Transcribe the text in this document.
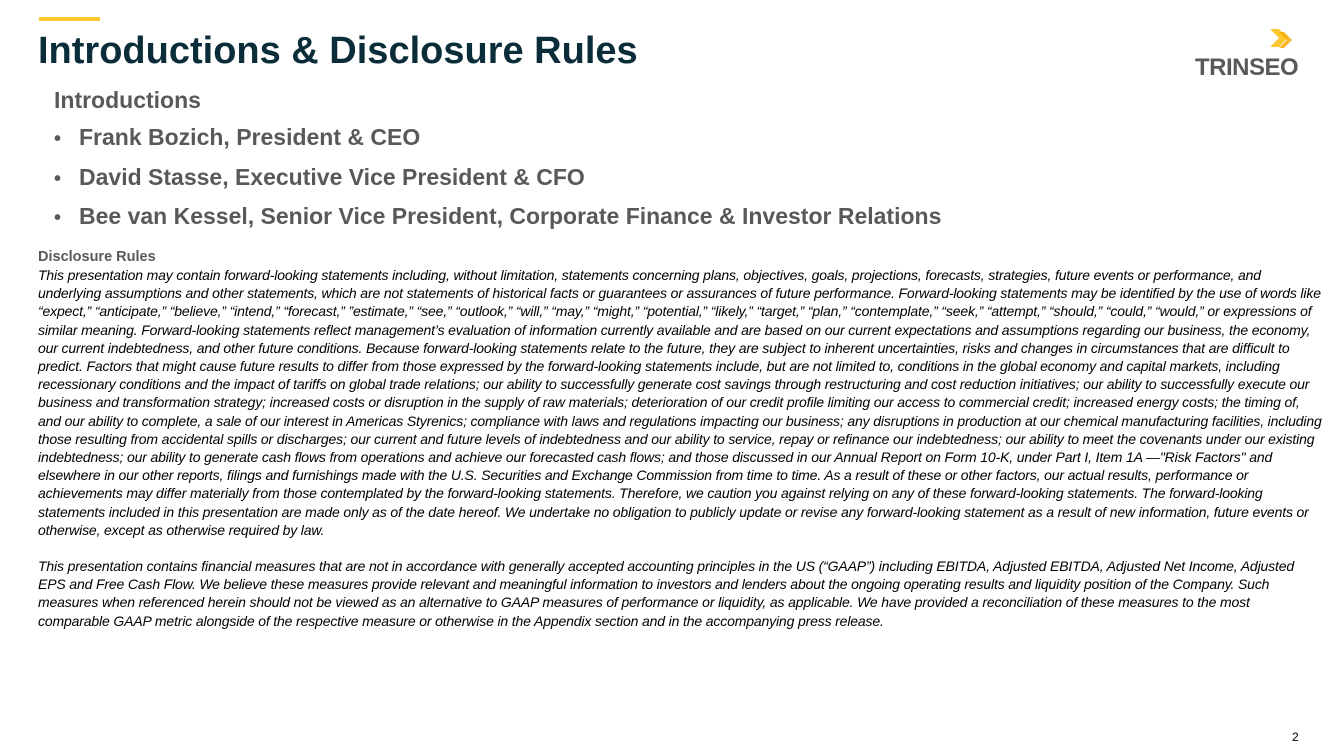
Introductions & Disclosure Rules	TRINSEO
Introductions
• Frank Bozich, President & CEO
• David Stasse, Executive Vice President & CFO
• Bee van Kessel, Senior Vice President, Corporate Finance & Investor Relations
Disclosure Rules

This presentation may contain forward-looking statements including, without limitation, statements concerning plans, objectives, goals, projections, forecasts, strategies, future events or performance, and underlying assumptions and other statements, which are not statements of historical facts or guarantees or assurances of future performance. Forward-looking statements may be identified by the use of words like “expect,” “anticipate,” “believe,” “intend,” “forecast,” ”estimate,” “see,” “outlook,” “will,” “may,” “might,” “potential,” “likely,” “target,” “plan,” “contemplate,” “seek,” “attempt,” “should,” “could,” “would,” or expressions of similar meaning. Forward-looking statements reflect management’s evaluation of information currently available and are based on our current expectations and assumptions regarding our business, the economy, our current indebtedness, and other future conditions. Because forward-looking statements relate to the future, they are subject to inherent uncertainties, risks and changes in circumstances that are difficult to predict. Factors that might cause future results to differ from those expressed by the forward-looking statements include, but are not limited to, conditions in the global economy and capital markets, including recessionary conditions and the impact of tariffs on global trade relations; our ability to successfully generate cost savings through restructuring and cost reduction initiatives; our ability to successfully execute our business and transformation strategy; increased costs or disruption in the supply of raw materials; deterioration of our credit profile limiting our access to commercial credit; increased energy costs; the timing of, and our ability to complete, a sale of our interest in Americas Styrenics; compliance with laws and regulations impacting our business; any disruptions in production at our chemical manufacturing facilities, including those resulting from accidental spills or discharges; our current and future levels of indebtedness and our ability to service, repay or refinance our indebtedness; our ability to meet the covenants under our existing indebtedness; our ability to generate cash flows from operations and achieve our forecasted cash flows; and those discussed in our Annual Report on Form 10-K, under Part I, Item 1A —"Risk Factors" and elsewhere in our other reports, filings and furnishings made with the U.S. Securities and Exchange Commission from time to time. As a result of these or other factors, our actual results, performance or achievements may differ materially from those contemplated by the forward-looking statements. Therefore, we caution you against relying on any of these forward-looking statements. The forward-looking statements included in this presentation are made only as of the date hereof. We undertake no obligation to publicly update or revise any forward-looking statement as a result of new information, future events or otherwise, except as otherwise required by law.

This presentation contains financial measures that are not in accordance with generally accepted accounting principles in the US (“GAAP”) including EBITDA, Adjusted EBITDA, Adjusted Net Income, Adjusted EPS and Free Cash Flow. We believe these measures provide relevant and meaningful information to investors and lenders about the ongoing operating results and liquidity position of the Company. Such measures when referenced herein should not be viewed as an alternative to GAAP measures of performance or liquidity, as applicable. We have provided a reconciliation of these measures to the most comparable GAAP metric alongside of the respective measure or otherwise in the Appendix section and in the accompanying press release.

2
